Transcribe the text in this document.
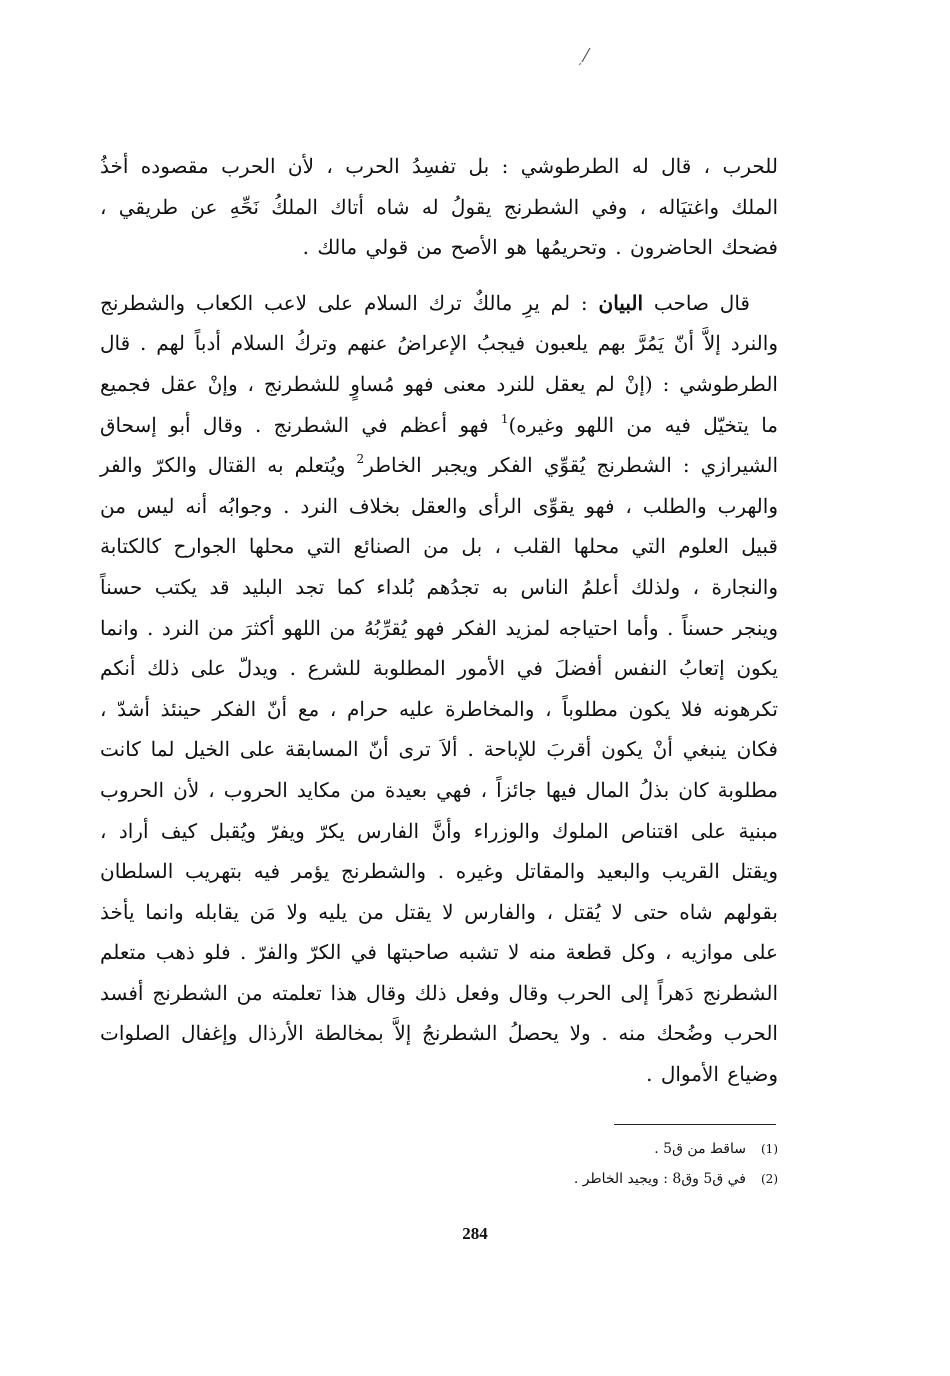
للحرب ، قال له الطرطوشي : بل تفسِدُ الحرب ، لأن الحرب مقصوده أخذُ الملك واغتيَاله ، وفي الشطرنج يقولُ له شاه أتاك الملكُ نَحِّهِ عن طريقي ، فضحك الحاضرون . وتحريمُها هو الأصح من قولي مالك .

قال صاحب البيان : لم يرِ مالكٌ ترك السلام على لاعب الكعاب والشطرنج والنرد إلاَّ أنّ يَمُرَّ بهم يلعبون فيجبُ الإعراضُ عنهم وتركُ السلام أدباً لهم . قال الطرطوشي : (إنْ لم يعقل للنرد معنى فهو مُساوٍ للشطرنج ، وإنْ عقل فجميع ما يتخيّل فيه من اللهو وغيره)$^1$ فهو أعظم في الشطرنج . وقال أبو إسحاق الشيرازي : الشطرنج يُقوِّي الفكر ويجبر الخاطر$^2$ ويُتعلم به القتال والكرّ والفر والهرب والطلب ، فهو يقوِّى الرأى والعقل بخلاف النرد . وجوابُه أنه ليس من قبيل العلوم التي محلها القلب ، بل من الصنائع التي محلها الجوارح كالكتابة والنجارة ، ولذلك أعلمُ الناس به تجدُهم بُلداء كما تجد البليد قد يكتب حسناً وينجر حسناً . وأما احتياجه لمزيد الفكر فهو يُقرِّبُهُ من اللهو أكثرَ من النرد . وانما يكون إتعابُ النفس أفضلَ في الأمور المطلوبة للشرع . ويدلّ على ذلك أنكم تكرهونه فلا يكون مطلوباً ، والمخاطرة عليه حرام ، مع أنّ الفكر حينئذ أشدّ ، فكان ينبغي أنْ يكون أقربَ للإباحة . ألاَ ترى أنّ المسابقة على الخيل لما كانت مطلوبة كان بذلُ المال فيها جائزاً ، فهي بعيدة من مكايد الحروب ، لأن الحروب مبنية على اقتناص الملوك والوزراء وأنَّ الفارس يكرّ ويفرّ ويُقبل كيف أراد ، ويقتل القريب والبعيد والمقاتل وغيره . والشطرنج يؤمر فيه بتهريب السلطان بقولهم شاه حتى لا يُقتل ، والفارس لا يقتل من يليه ولا مَن يقابله وانما يأخذ على موازيه ، وكل قطعة منه لا تشبه صاحبتها في الكرّ والفرّ . فلو ذهب متعلم الشطرنج دَهراً إلى الحرب وقال وفعل ذلك وقال هذا تعلمته من الشطرنج أفسد الحرب وضُحك منه . ولا يحصلُ الشطرنجُ إلاَّ بمخالطة الأرذال وإغفال الصلوات وضياع الأموال .

(1)
ساقط من ق5 .
(2)
في ق5 وق8 : ويجيد الخاطر .
284
